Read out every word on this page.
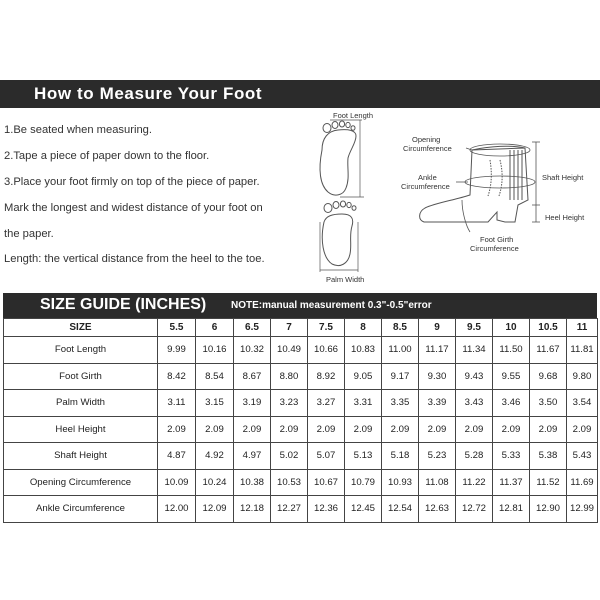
How to Measure Your Foot
1.Be seated when measuring.
2.Tape a piece of paper down to the floor.
3.Place your foot firmly on top of the piece of paper.
Mark the longest and widest distance of your foot on
the paper.
Length: the vertical distance from the heel to the toe.
Foot Length
Palm Width
Opening
Circumference
Ankle
Circumference
Shaft Height
Heel Height
Foot Girth
Circumference
SIZE GUIDE (INCHES) NOTE:manual measurement 0.3"-0.5"error
SIZE	5.5	6	6.5	7	7.5	8	8.5	9	9.5	10	10.5	11
Foot Length	9.99	10.16	10.32	10.49	10.66	10.83	11.00	11.17	11.34	11.50	11.67	11.81
Foot Girth	8.42	8.54	8.67	8.80	8.92	9.05	9.17	9.30	9.43	9.55	9.68	9.80
Palm Width	3.11	3.15	3.19	3.23	3.27	3.31	3.35	3.39	3.43	3.46	3.50	3.54
Heel Height	2.09	2.09	2.09	2.09	2.09	2.09	2.09	2.09	2.09	2.09	2.09	2.09
Shaft Height	4.87	4.92	4.97	5.02	5.07	5.13	5.18	5.23	5.28	5.33	5.38	5.43
Opening Circumference	10.09	10.24	10.38	10.53	10.67	10.79	10.93	11.08	11.22	11.37	11.52	11.69
Ankle Circumference	12.00	12.09	12.18	12.27	12.36	12.45	12.54	12.63	12.72	12.81	12.90	12.99
